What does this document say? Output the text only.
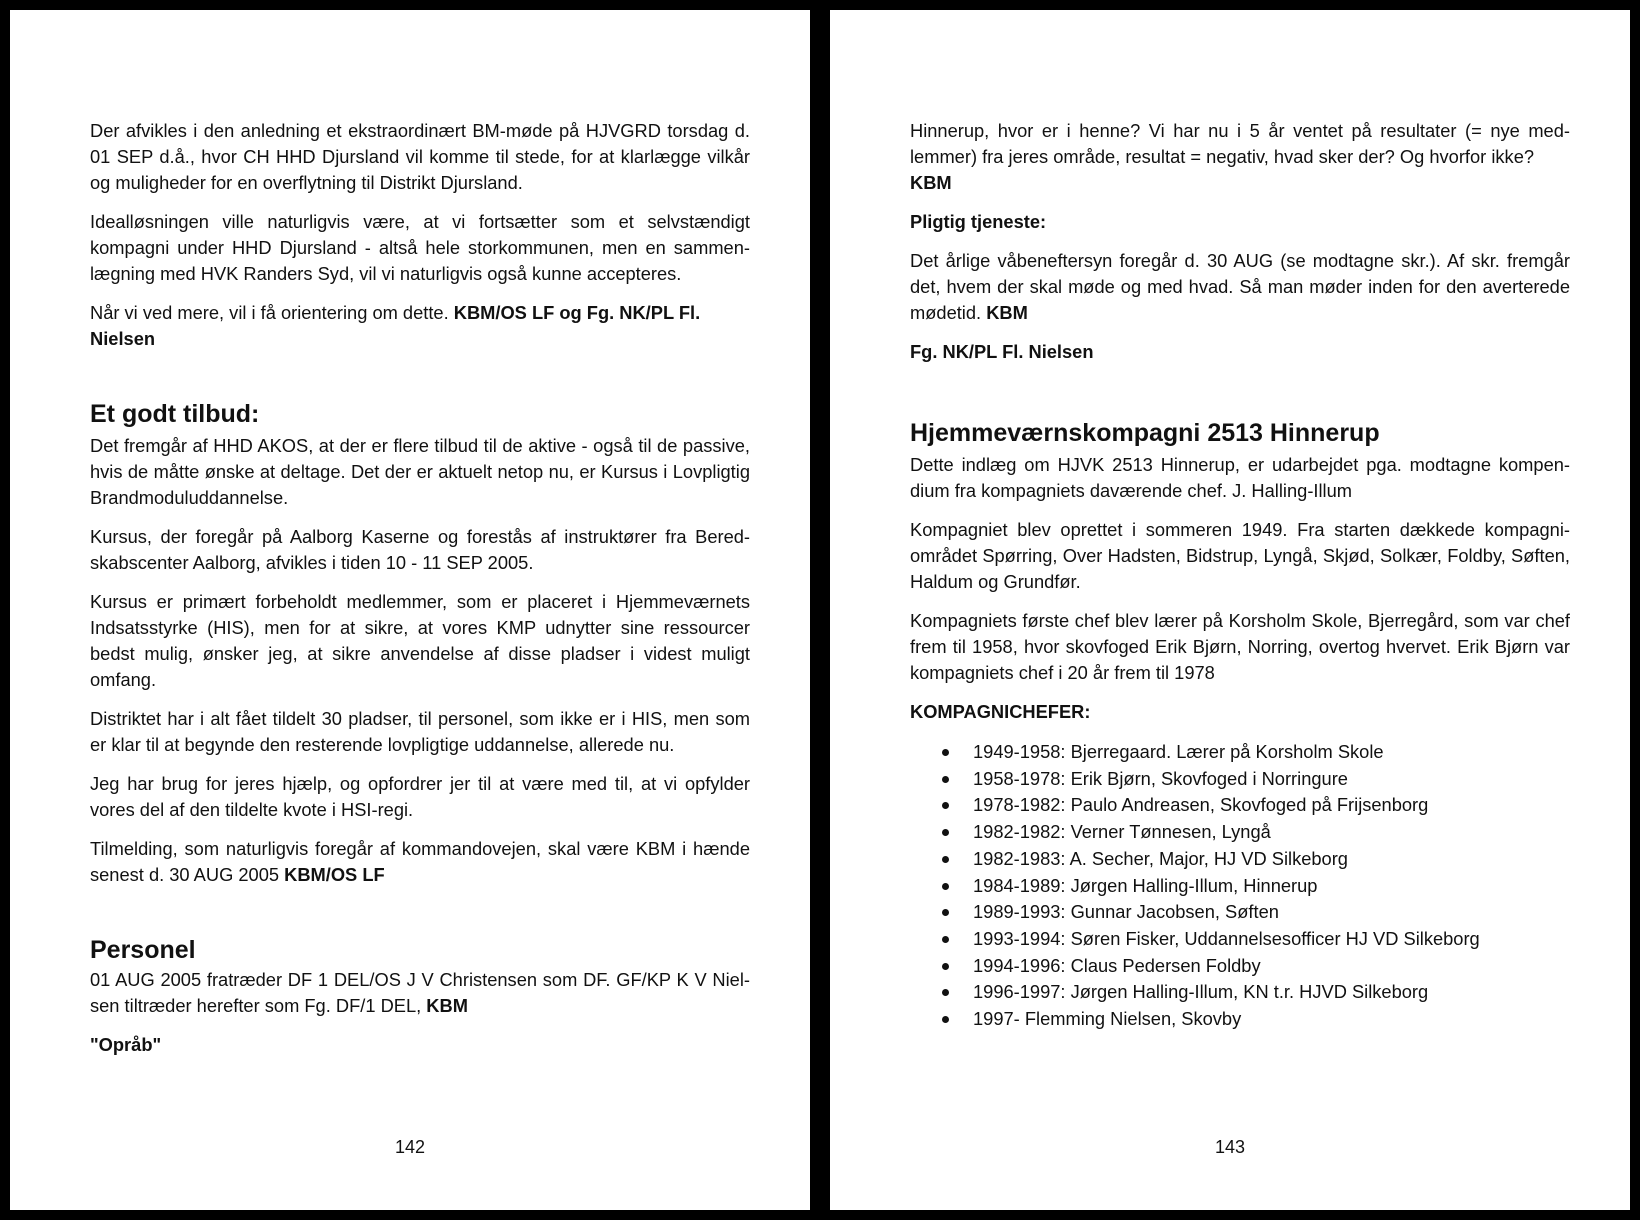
Der afvikles i den anledning et ekstraordinært BM-møde på HJVGRD torsdag d. 01 SEP d.å., hvor CH HHD Djursland vil komme til stede, for at klarlægge vilkår og muligheder for en overflytning til Distrikt Djursland.

Idealløsningen ville naturligvis være, at vi fortsætter som et selvstændigt kompagni under HHD Djursland - altså hele storkommunen, men en sammenlægning med HVK Randers Syd, vil vi naturligvis også kunne accepteres.

Når vi ved mere, vil i få orientering om dette. KBM/OS LF og Fg. NK/PL Fl. Nielsen

Et godt tilbud:

Det fremgår af HHD AKOS, at der er flere tilbud til de aktive - også til de passive, hvis de måtte ønske at deltage. Det der er aktuelt netop nu, er Kursus i Lovpligtig Brandmoduluddannelse.

Kursus, der foregår på Aalborg Kaserne og forestås af instruktører fra Beredskabscenter Aalborg, afvikles i tiden 10 - 11 SEP 2005.

Kursus er primært forbeholdt medlemmer, som er placeret i Hjemmeværnets Indsatsstyrke (HIS), men for at sikre, at vores KMP udnytter sine ressourcer bedst mulig, ønsker jeg, at sikre anvendelse af disse pladser i videst muligt omfang.

Distriktet har i alt fået tildelt 30 pladser, til personel, som ikke er i HIS, men som er klar til at begynde den resterende lovpligtige uddannelse, allerede nu.

Jeg har brug for jeres hjælp, og opfordrer jer til at være med til, at vi opfylder vores del af den tildelte kvote i HSI-regi.

Tilmelding, som naturligvis foregår af kommandovejen, skal være KBM i hænde senest d. 30 AUG 2005 KBM/OS LF

Personel

01 AUG 2005 fratræder DF 1 DEL/OS J V Christensen som DF. GF/KP K V Nielsen tiltræder herefter som Fg. DF/1 DEL, KBM

"Opråb"

142

Hinnerup, hvor er i henne? Vi har nu i 5 år ventet på resultater (= nye medlemmer) fra jeres område, resultat = negativ, hvad sker der? Og hvorfor ikke?
KBM

Pligtig tjeneste:

Det årlige våbeneftersyn foregår d. 30 AUG (se modtagne skr.). Af skr. fremgår det, hvem der skal møde og med hvad. Så man møder inden for den averterede mødetid. KBM

Fg. NK/PL Fl. Nielsen

Hjemmeværnskompagni 2513 Hinnerup

Dette indlæg om HJVK 2513 Hinnerup, er udarbejdet pga. modtagne kompendium fra kompagniets daværende chef. J. Halling-Illum

Kompagniet blev oprettet i sommeren 1949. Fra starten dækkede kompagniområdet Spørring, Over Hadsten, Bidstrup, Lyngå, Skjød, Solkær, Foldby, Søften, Haldum og Grundfør.

Kompagniets første chef blev lærer på Korsholm Skole, Bjerregård, som var chef frem til 1958, hvor skovfoged Erik Bjørn, Norring, overtog hvervet. Erik Bjørn var kompagniets chef i 20 år frem til 1978

KOMPAGNICHEFER:

1949-1958: Bjerregaard. Lærer på Korsholm Skole
1958-1978: Erik Bjørn, Skovfoged i Norringure
1978-1982: Paulo Andreasen, Skovfoged på Frijsenborg
1982-1982: Verner Tønnesen, Lyngå
1982-1983: A. Secher, Major, HJ VD Silkeborg
1984-1989: Jørgen Halling-Illum, Hinnerup
1989-1993: Gunnar Jacobsen, Søften
1993-1994: Søren Fisker, Uddannelsesofficer HJ VD Silkeborg
1994-1996: Claus Pedersen Foldby
1996-1997: Jørgen Halling-Illum, KN t.r. HJVD Silkeborg
1997- Flemming Nielsen, Skovby
143
